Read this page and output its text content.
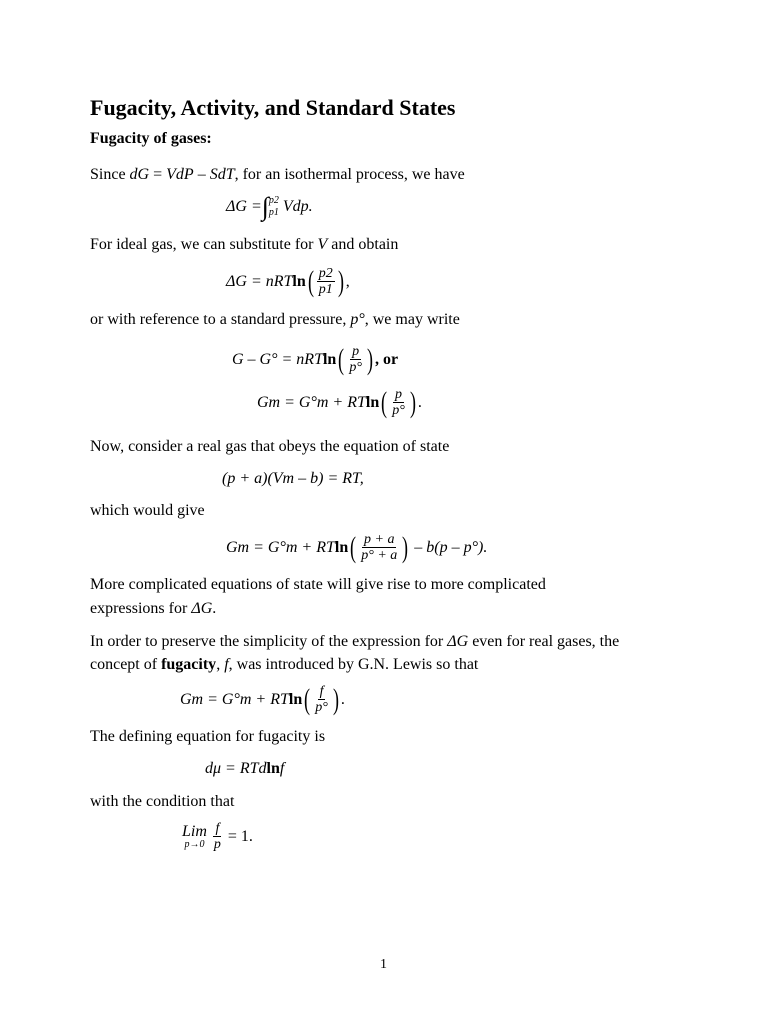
Fugacity, Activity, and Standard States
Fugacity of gases:
Since dG = VdP – SdT, for an isothermal process, we have
ΔG = ∫ p2
p1 Vdp.
For ideal gas, we can substitute for V and obtain
ΔG = nRT ln ( $\frac{p2}{p1}$ ) ,
or with reference to a standard pressure, p°, we may write
G – G° = nRT ln ( $\frac{p}{p^\circ}$ ) , or
Gm = G°m + RT ln ( $\frac{p}{p^\circ}$ ) .
Now, consider a real gas that obeys the equation of state
(p + a)(Vm – b) = RT,
which would give
Gm = G°m + RT ln ( $\frac{p + a}{p^\circ + a}$ ) – b(p – p°).
More complicated equations of state will give rise to more complicated
expressions for ΔG.
In order to preserve the simplicity of the expression for ΔG even for real gases, the
concept of fugacity, f, was introduced by G.N. Lewis so that
Gm = G°m + RT ln ( $\frac{f}{p^\circ}$ ) .
The defining equation for fugacity is
dμ = RTd ln f
with the condition that
Lim
$p\to 0 \frac{f}{p} = 1$.
1
